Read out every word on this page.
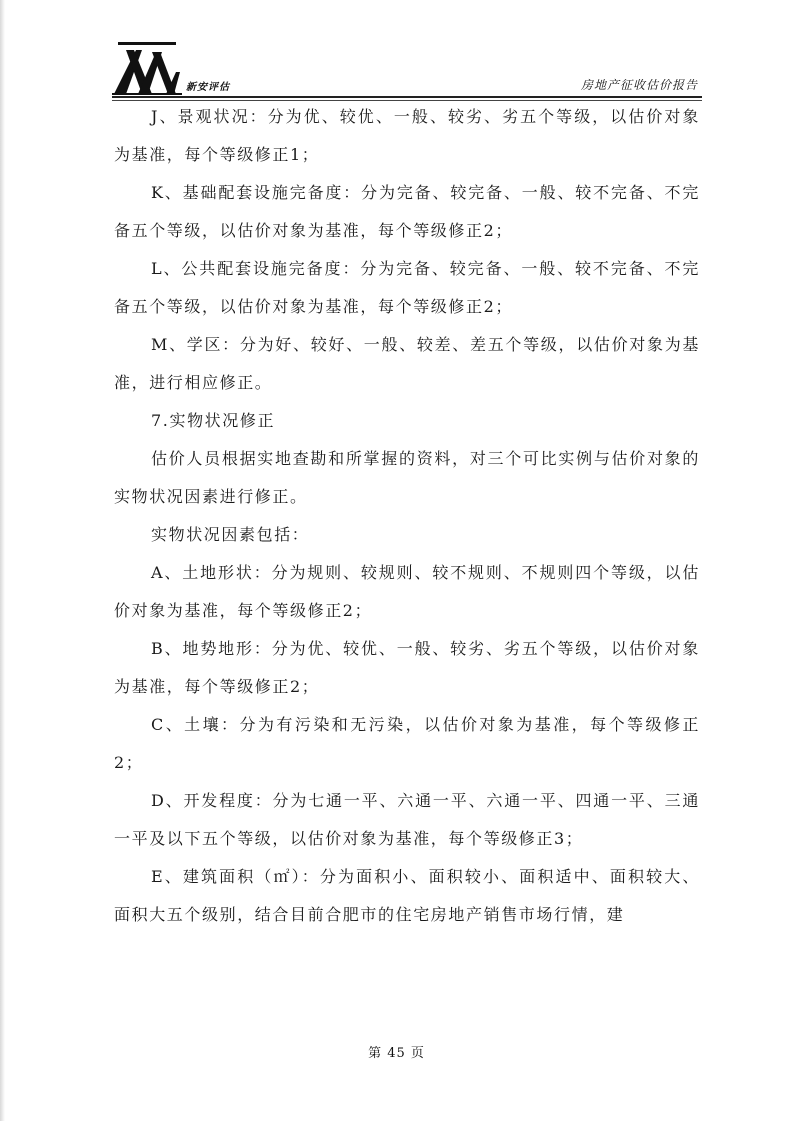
新安评估	房地产征收估价报告

J、景观状况：分为优、较优、一般、较劣、劣五个等级，以估价对象为基准，每个等级修正1；

K、基础配套设施完备度：分为完备、较完备、一般、较不完备、不完备五个等级，以估价对象为基准，每个等级修正2；

L、公共配套设施完备度：分为完备、较完备、一般、较不完备、不完备五个等级，以估价对象为基准，每个等级修正2；

M、学区：分为好、较好、一般、较差、差五个等级，以估价对象为基准，进行相应修正。

7.实物状况修正

估价人员根据实地查勘和所掌握的资料，对三个可比实例与估价对象的实物状况因素进行修正。

实物状况因素包括：

A、土地形状：分为规则、较规则、较不规则、不规则四个等级，以估价对象为基准，每个等级修正2；

B、地势地形：分为优、较优、一般、较劣、劣五个等级，以估价对象为基准，每个等级修正2；

C、土壤：分为有污染和无污染，以估价对象为基准，每个等级修正2；

D、开发程度：分为七通一平、六通一平、六通一平、四通一平、三通一平及以下五个等级，以估价对象为基准，每个等级修正3；

E、建筑面积（㎡）：分为面积小、面积较小、面积适中、面积较大、面积大五个级别，结合目前合肥市的住宅房地产销售市场行情，建

第 45 页
